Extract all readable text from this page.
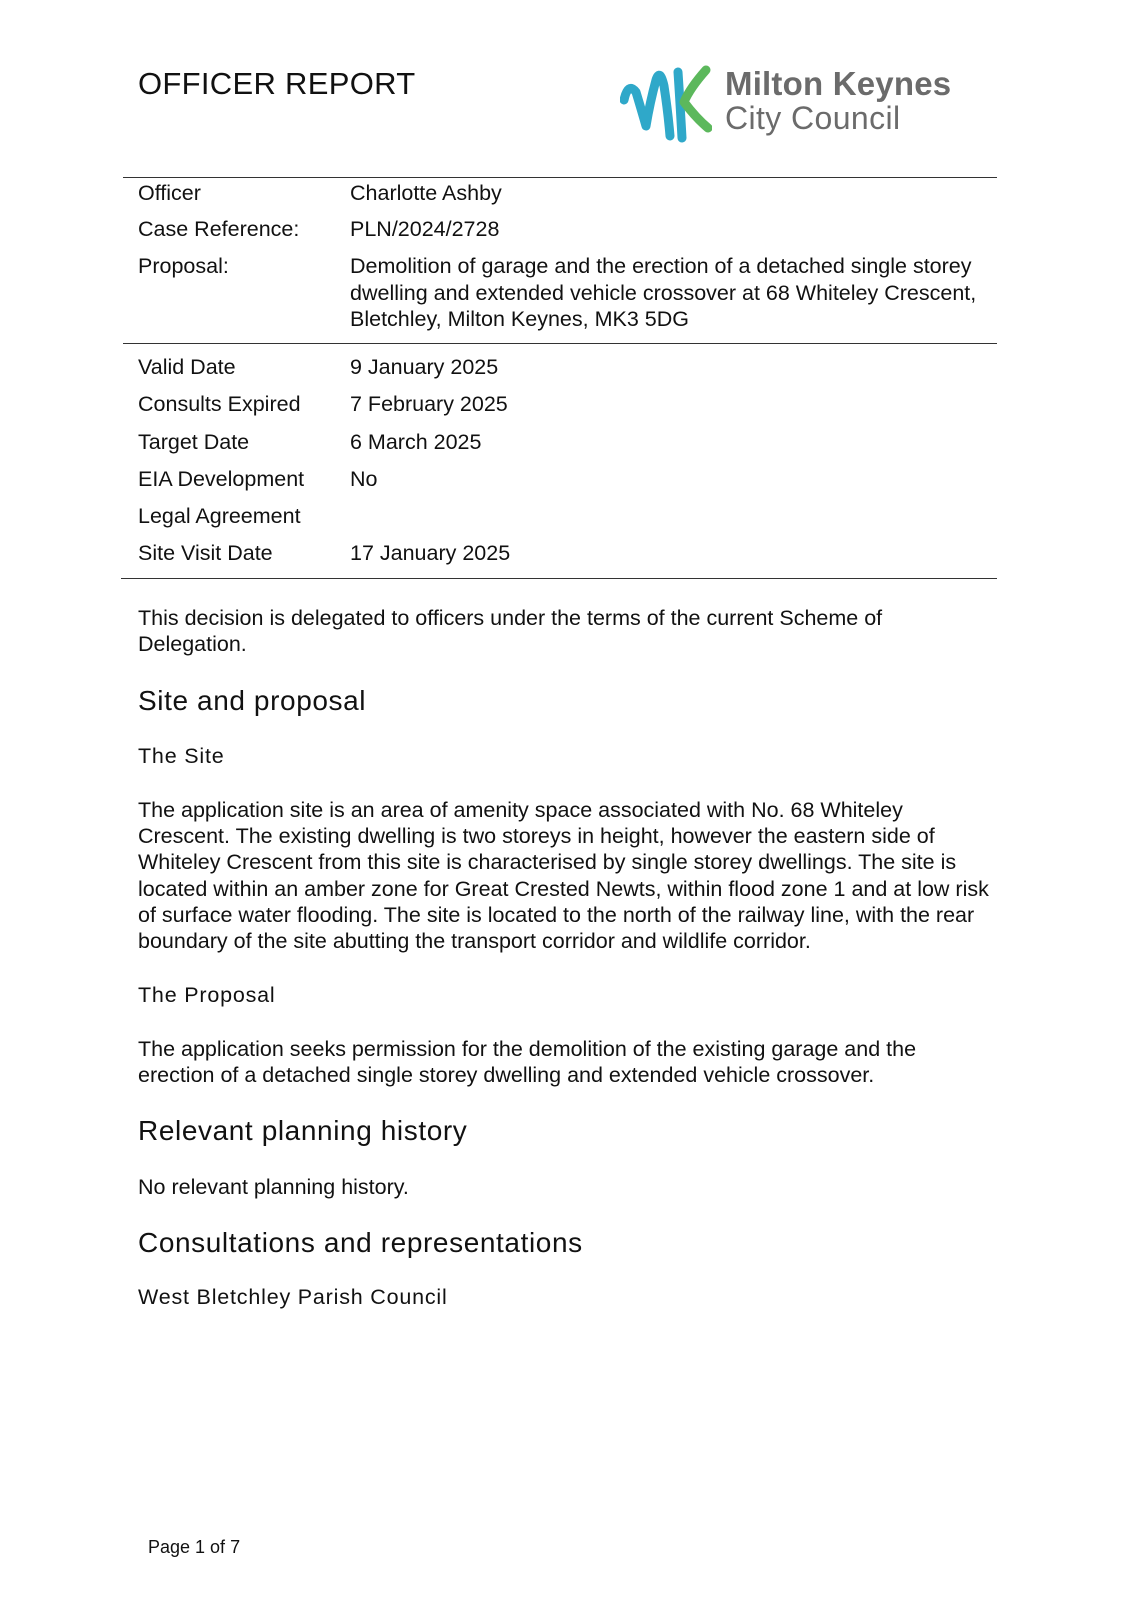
OFFICER REPORT	Milton Keynes
City Council
Officer	Charlotte Ashby
Case Reference: PLN/2024/2728
Proposal:	Demolition of garage and the erection of a detached single storey dwelling and extended vehicle crossover at 68 Whiteley Crescent, Bletchley, Milton Keynes, MK3 5DG
Valid Date	9 January 2025
Consults Expired 7 February 2025
Target Date	6 March 2025
EIA Development No
Legal Agreement
Site Visit Date	17 January 2025

This decision is delegated to officers under the terms of the current Scheme of Delegation.

Site and proposal
The Site

The application site is an area of amenity space associated with No. 68 Whiteley Crescent. The existing dwelling is two storeys in height, however the eastern side of Whiteley Crescent from this site is characterised by single storey dwellings. The site is located within an amber zone for Great Crested Newts, within flood zone 1 and at low risk of surface water flooding. The site is located to the north of the railway line, with the rear boundary of the site abutting the transport corridor and wildlife corridor.

The Proposal

The application seeks permission for the demolition of the existing garage and the erection of a detached single storey dwelling and extended vehicle crossover.

Relevant planning history

No relevant planning history.

Consultations and representations
West Bletchley Parish Council
Page 1 of 7
